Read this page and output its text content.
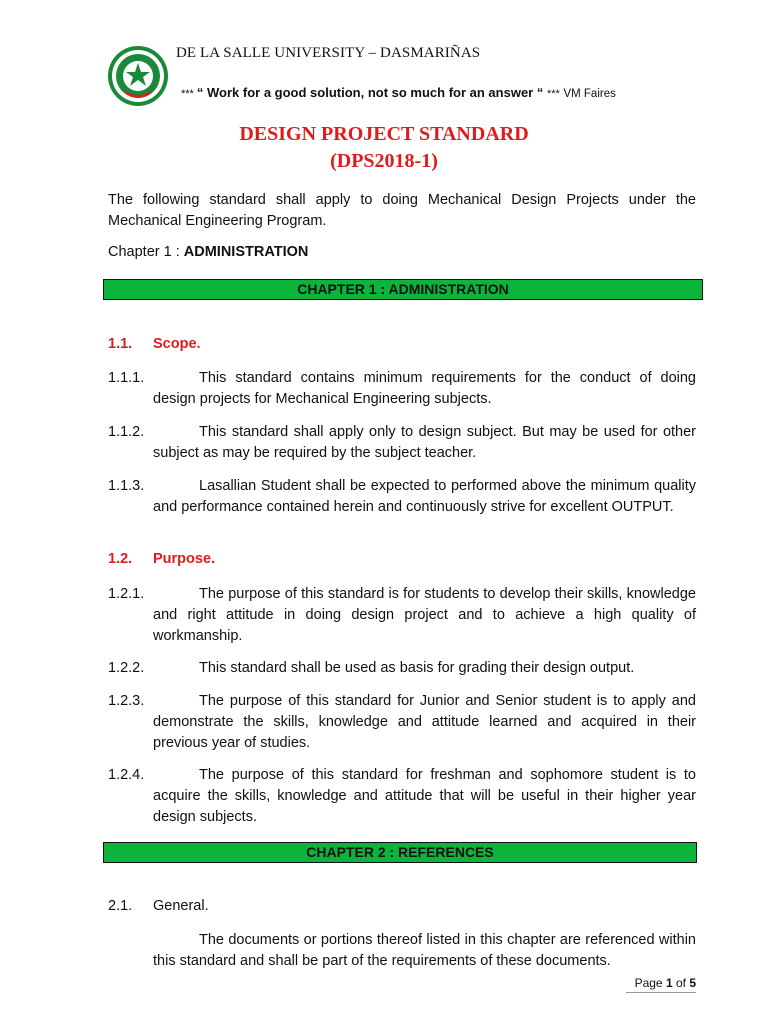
DE LA SALLE UNIVERSITY – DASMARIÑAS
*** “ Work for a good solution, not so much for an answer “ *** VM Faires
DESIGN PROJECT STANDARD
(DPS2018-1)
The following standard shall apply to doing Mechanical Design Projects under the Mechanical Engineering Program.
Chapter 1 : ADMINISTRATION
CHAPTER 1 : ADMINISTRATION
1.1. Scope.
1.1.1.	This standard contains minimum requirements for the conduct of doing design projects for Mechanical Engineering subjects.
1.1.2.	This standard shall apply only to design subject. But may be used for other subject as may be required by the subject teacher.
1.1.3.	Lasallian Student shall be expected to performed above the minimum quality and performance contained herein and continuously strive for excellent OUTPUT.
1.2. Purpose.
1.2.1.	The purpose of this standard is for students to develop their skills, knowledge and right attitude in doing design project and to achieve a high quality of workmanship.
1.2.2.	This standard shall be used as basis for grading their design output.
1.2.3.	The purpose of this standard for Junior and Senior student is to apply and demonstrate the skills, knowledge and attitude learned and acquired in their previous year of studies.
1.2.4.	The purpose of this standard for freshman and sophomore student is to acquire the skills, knowledge and attitude that will be useful in their higher year design subjects.
CHAPTER 2 : REFERENCES
2.1. General.
The documents or portions thereof listed in this chapter are referenced within this standard and shall be part of the requirements of these documents.
Page 1 of 5
